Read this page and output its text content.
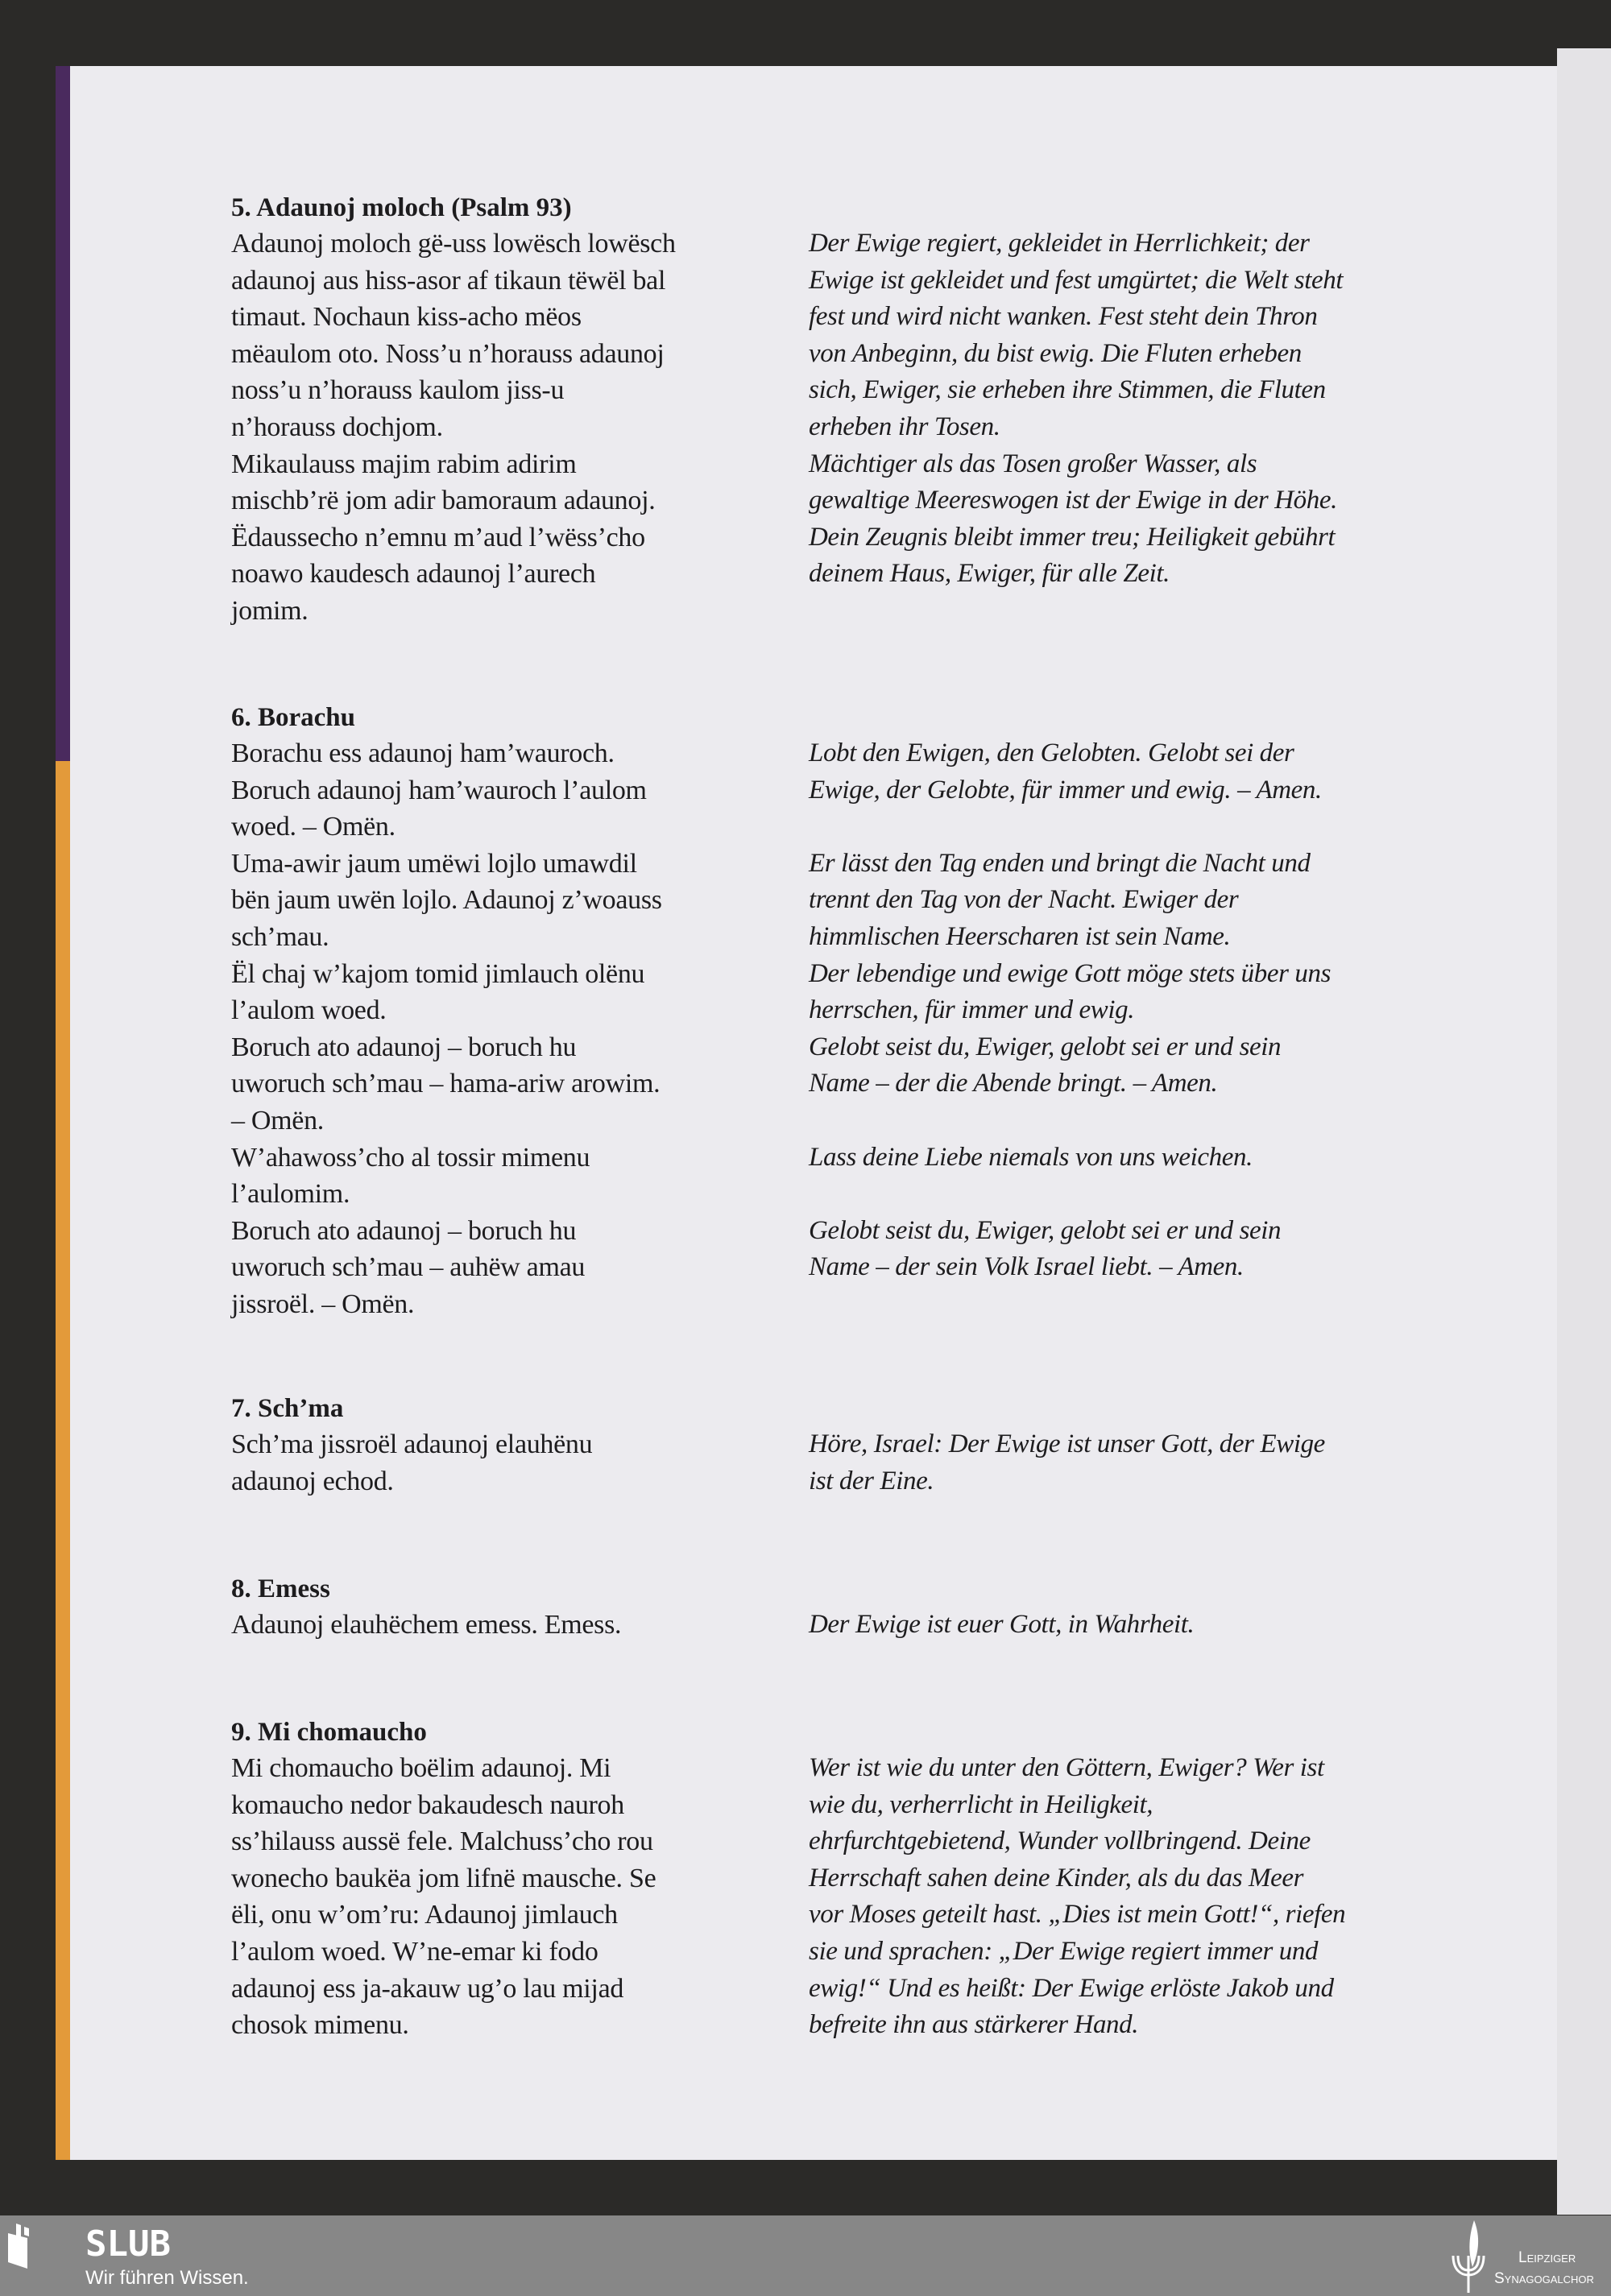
5. Adaunoj moloch (Psalm 93)
Adaunoj moloch gë-uss lowësch lowësch	Der Ewige regiert, gekleidet in Herrlichkeit; der
adaunoj aus hiss-asor af tikaun tëwël bal	Ewige ist gekleidet und fest umgürtet; die Welt steht
timaut. Nochaun kiss-acho mëos	fest und wird nicht wanken. Fest steht dein Thron
mëaulom oto. Noss’u n’horauss adaunoj	von Anbeginn, du bist ewig. Die Fluten erheben
noss’u n’horauss kaulom jiss-u	sich, Ewiger, sie erheben ihre Stimmen, die Fluten
n’horauss dochjom.	erheben ihr Tosen.
Mikaulauss majim rabim adirim	Mächtiger als das Tosen großer Wasser, als
mischb’rë jom adir bamoraum adaunoj.	gewaltige Meereswogen ist der Ewige in der Höhe.
Ëdaussecho n’emnu m’aud l’wëss’cho	Dein Zeugnis bleibt immer treu; Heiligkeit gebührt
noawo kaudesch adaunoj l’aurech	deinem Haus, Ewiger, für alle Zeit.
jomim.
6. Borachu
Borachu ess adaunoj ham’wauroch.	Lobt den Ewigen, den Gelobten. Gelobt sei der
Boruch adaunoj ham’wauroch l’aulom	Ewige, der Gelobte, für immer und ewig. – Amen.
woed. – Omën.
Uma-awir jaum umëwi lojlo umawdil	Er lässt den Tag enden und bringt die Nacht und
bën jaum uwën lojlo. Adaunoj z’woauss	trennt den Tag von der Nacht. Ewiger der
sch’mau.	himmlischen Heerscharen ist sein Name.
Ël chaj w’kajom tomid jimlauch olënu	Der lebendige und ewige Gott möge stets über uns
l’aulom woed.	herrschen, für immer und ewig.
Boruch ato adaunoj – boruch hu	Gelobt seist du, Ewiger, gelobt sei er und sein
uworuch sch’mau – hama-ariw arowim.	Name – der die Abende bringt. – Amen.
– Omën.
W’ahawoss’cho al tossir mimenu	Lass deine Liebe niemals von uns weichen.
l’aulomim.
Boruch ato adaunoj – boruch hu	Gelobt seist du, Ewiger, gelobt sei er und sein
uworuch sch’mau – auhëw amau	Name – der sein Volk Israel liebt. – Amen.
jissroël. – Omën.
7. Sch’ma
Sch’ma jissroël adaunoj elauhënu	Höre, Israel: Der Ewige ist unser Gott, der Ewige
adaunoj echod.	ist der Eine.
8. Emess
Adaunoj elauhëchem emess. Emess.	Der Ewige ist euer Gott, in Wahrheit.
9. Mi chomaucho
Mi chomaucho boëlim adaunoj. Mi	Wer ist wie du unter den Göttern, Ewiger? Wer ist
komaucho nedor bakaudesch nauroh	wie du, verherrlicht in Heiligkeit,
ss’hilauss aussë fele. Malchuss’cho rou	ehrfurchtgebietend, Wunder vollbringend. Deine
wonecho baukëa jom lifnë mausche. Se	Herrschaft sahen deine Kinder, als du das Meer
ëli, onu w’om’ru: Adaunoj jimlauch	vor Moses geteilt hast. „Dies ist mein Gott!“, riefen
l’aulom woed. W’ne-emar ki fodo	sie und sprachen: „Der Ewige regiert immer und
adaunoj ess ja-akauw ug’o lau mijad	ewig!“ Und es heißt: Der Ewige erlöste Jakob und
chosok mimenu.	befreite ihn aus stärkerer Hand.
SLUB
Wir führen Wissen.
Leipziger
Synagogalchor
